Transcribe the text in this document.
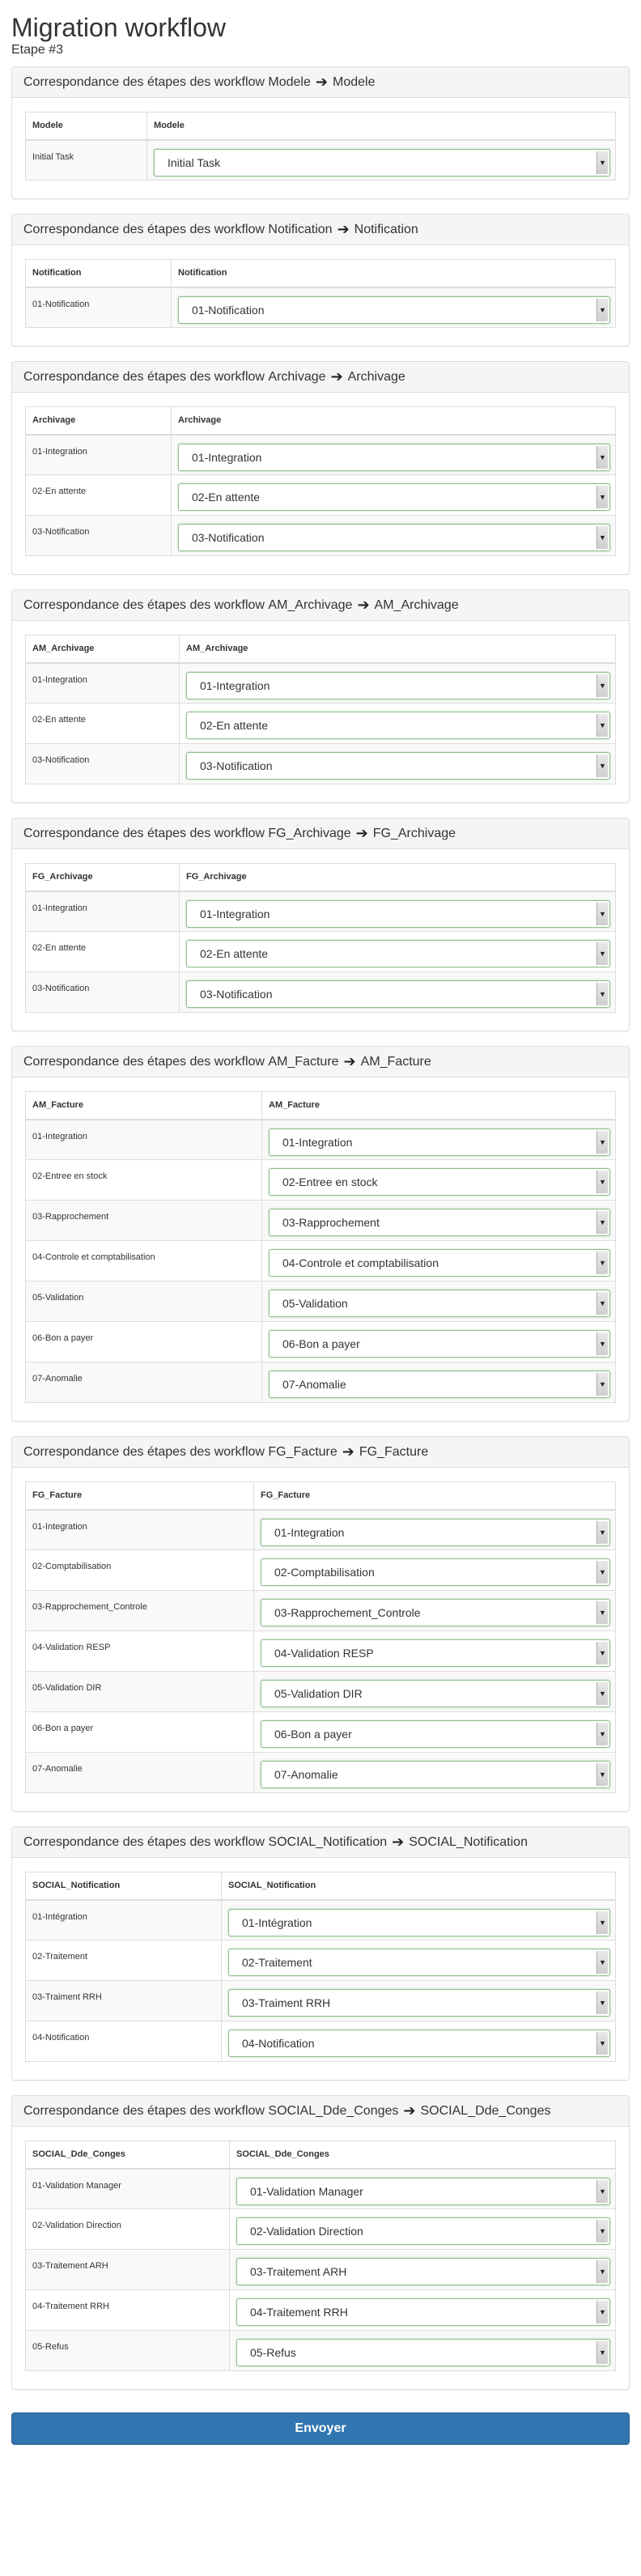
Migration workflow
Etape #3
Correspondance des étapes des workflow
Modele ➔ Modele
Modele	Modele
Initial Task	Initial Task ▼
Correspondance des étapes des workflow
Notification ➔ Notification
Notification	Notification
01-Notification	01-Notification ▼
Correspondance des étapes des workflow
Archivage ➔ Archivage
Archivage	Archivage
01-Integration	01-Integration ▼

02-En attente	02-En attente ▼

03-Notification	03-Notification ▼
Correspondance des étapes des workflow
AM_Archivage ➔ AM_Archivage
AM_Archivage	AM_Archivage
01-Integration	01-Integration ▼

02-En attente	02-En attente ▼

03-Notification	03-Notification ▼
Correspondance des étapes des workflow
FG_Archivage ➔ FG_Archivage
FG_Archivage	FG_Archivage
01-Integration	01-Integration ▼

02-En attente	02-En attente ▼

03-Notification	03-Notification ▼
Correspondance des étapes des workflow
AM_Facture ➔ AM_Facture
AM_Facture	AM_Facture
01-Integration	01-Integration ▼

02-Entree en stock	02-Entree en stock ▼

03-Rapprochement	03-Rapprochement ▼

04-Controle et comptabilisation	04-Controle et comptabilisation ▼

05-Validation	05-Validation ▼

06-Bon a payer	06-Bon a payer ▼

07-Anomalie	07-Anomalie ▼
Correspondance des étapes des workflow
FG_Facture ➔ FG_Facture
FG_Facture	FG_Facture
01-Integration	01-Integration ▼

02-Comptabilisation	02-Comptabilisation ▼

03-Rapprochement_Controle	03-Rapprochement_Controle ▼

04-Validation RESP	04-Validation RESP ▼

05-Validation DIR	05-Validation DIR ▼

06-Bon a payer	06-Bon a payer ▼

07-Anomalie	07-Anomalie ▼
Correspondance des étapes des workflow
SOCIAL_Notification ➔ SOCIAL_Notification
SOCIAL_Notification	SOCIAL_Notification
01-Intégration	01-Intégration ▼

02-Traitement	02-Traitement ▼

03-Traiment RRH	03-Traiment RRH ▼

04-Notification	04-Notification ▼
Correspondance des étapes des workflow
SOCIAL_Dde_Conges ➔ SOCIAL_Dde_Conges
SOCIAL_Dde_Conges	SOCIAL_Dde_Conges
01-Validation Manager	01-Validation Manager ▼

02-Validation Direction	02-Validation Direction ▼

03-Traitement ARH	03-Traitement ARH ▼

04-Traitement RRH	04-Traitement RRH ▼

05-Refus	05-Refus ▼
Envoyer
